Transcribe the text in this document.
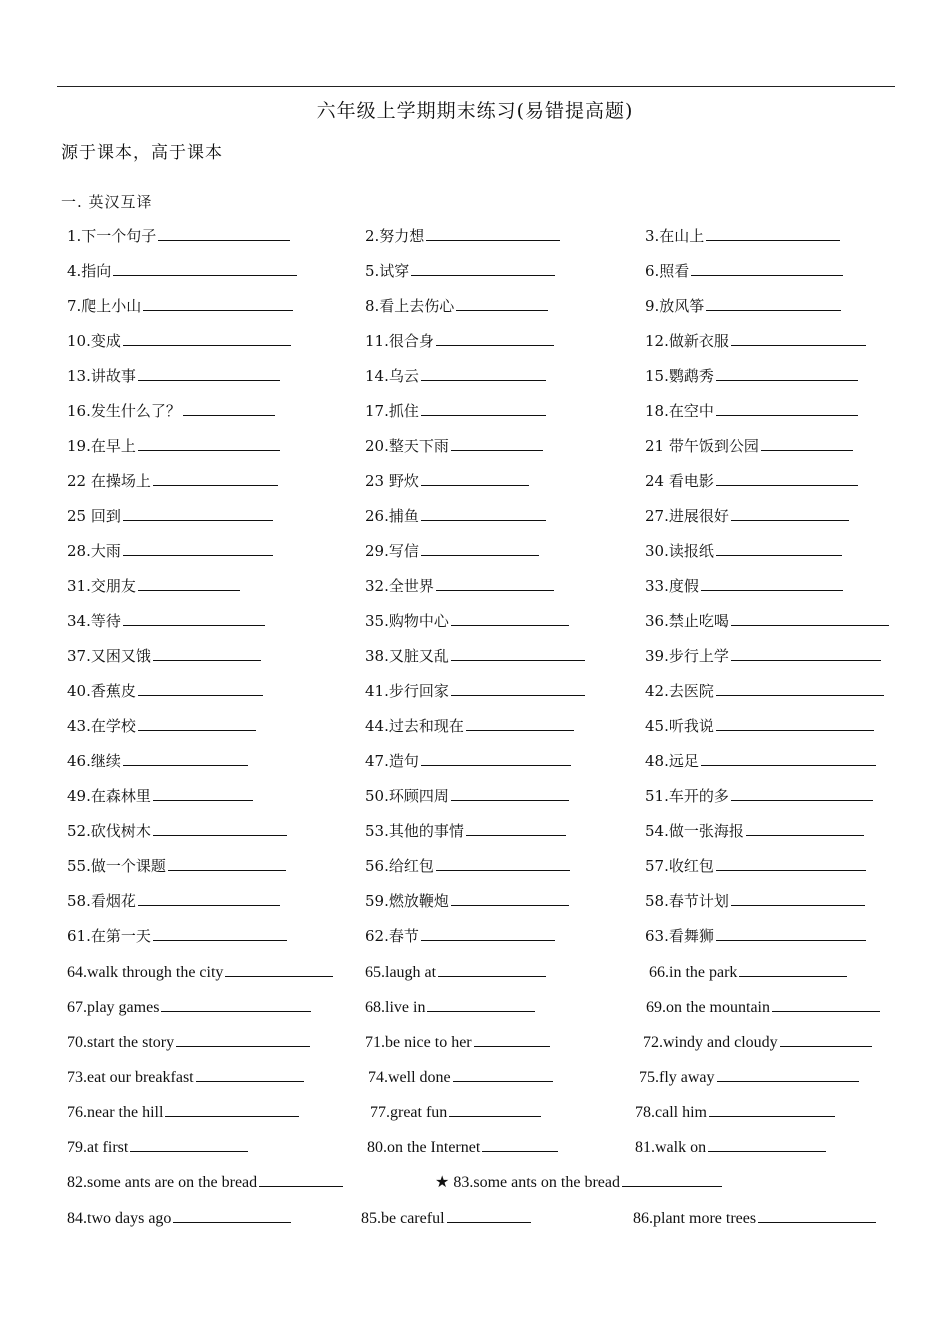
六年级上学期期末练习(易错提高题)
源于课本，高于课本
一. 英汉互译
1.下一个句子	2.努力想	3.在山上
4.指向	5.试穿	6.照看
7.爬上小山	8.看上去伤心	9.放风筝
10.变成	11.很合身	12.做新衣服
13.讲故事	14.乌云	15.鹦鹉秀
16.发生什么了？	17.抓住	18.在空中
19.在早上	20.整天下雨	21 带午饭到公园
22 在操场上	23 野炊	24 看电影
25 回到	26.捕鱼	27.进展很好
28.大雨	29.写信	30.读报纸
31.交朋友	32.全世界	33.度假
34.等待	35.购物中心	36.禁止吃喝
37.又困又饿	38.又脏又乱	39.步行上学
40.香蕉皮	41.步行回家	42.去医院
43.在学校	44.过去和现在	45.听我说
46.继续	47.造句	48.远足
49.在森林里	50.环顾四周	51.车开的多
52.砍伐树木	53.其他的事情	54.做一张海报
55.做一个课题	56.给红包	57.收红包
58.看烟花	59.燃放鞭炮	58.春节计划
61.在第一天	62.春节	63.看舞狮
64.walk through the city	65.laugh at	66.in the park
67.play games	68.live in	69.on the mountain
70.start the story	71.be nice to her	72.windy and cloudy
73.eat our breakfast	74.well done	75.fly away
76.near the hill	77.great fun	78.call him
79.at first	80.on the Internet	81.walk on
82.some ants are on the bread	★ 83.some ants on the bread
84.two days ago	85.be careful	86.plant more trees
